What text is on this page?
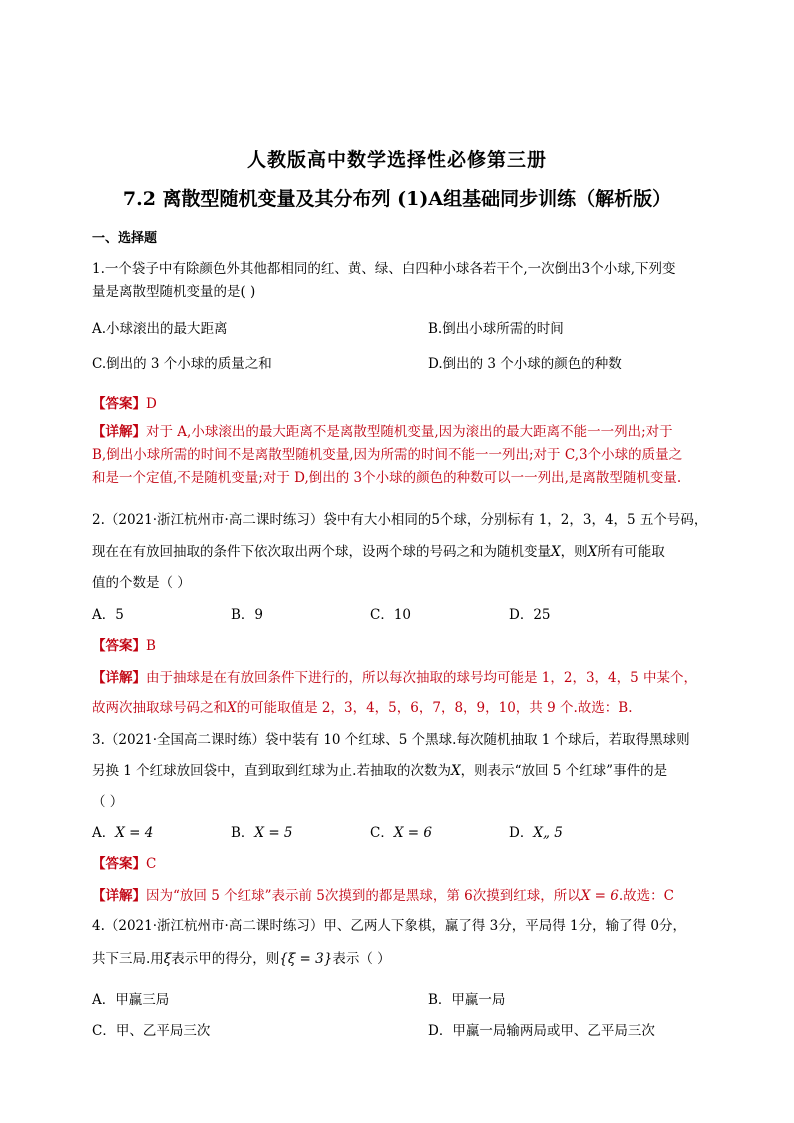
人教版高中数学选择性必修第三册
7.2 离散型随机变量及其分布列 (1)A组基础同步训练（解析版）
一、选择题
1.一个袋子中有除颜色外其他都相同的红、黄、绿、白四种小球各若干个,一次倒出3个小球,下列变
量是离散型随机变量的是( )
A.小球滚出的最大距离	B.倒出小球所需的时间
C.倒出的 3 个小球的质量之和	D.倒出的 3 个小球的颜色的种数
【答案】D
【详解】对于 A,小球滚出的最大距离不是离散型随机变量,因为滚出的最大距离不能一一列出;对于
B,倒出小球所需的时间不是离散型随机变量,因为所需的时间不能一一列出;对于 C,3个小球的质量之
和是一个定值,不是随机变量;对于 D,倒出的 3个小球的颜色的种数可以一一列出,是离散型随机变量.
2.（2021·浙江杭州市·高二课时练习）袋中有大小相同的5个球，分别标有 1，2，3，4，5 五个号码，
现在在有放回抽取的条件下依次取出两个球，设两个球的号码之和为随机变量X，则X所有可能取
值的个数是（ ）
A．5	B．9	C．10	D．25
【答案】B
【详解】由于抽球是在有放回条件下进行的，所以每次抽取的球号均可能是 1，2，3，4，5 中某个，
故两次抽取球号码之和X的可能取值是 2，3，4，5，6，7，8，9，10，共 9 个.故选：B.
3.（2021·全国高二课时练）袋中装有 10 个红球、5 个黑球.每次随机抽取 1 个球后，若取得黑球则
另换 1 个红球放回袋中，直到取到红球为止.若抽取的次数为X，则表示“放回 5 个红球”事件的是
（ ）
A．X = 4	B．X = 5	C．X = 6	D．X„ 5
【答案】C
【详解】因为“放回 5 个红球”表示前 5次摸到的都是黑球，第 6次摸到红球，所以X = 6.故选：C
4.（2021·浙江杭州市·高二课时练习）甲、乙两人下象棋，赢了得 3分，平局得 1分，输了得 0分，
共下三局.用ξ表示甲的得分，则{ξ = 3}表示（ ）
A．甲赢三局	B．甲赢一局
C．甲、乙平局三次	D．甲赢一局输两局或甲、乙平局三次
